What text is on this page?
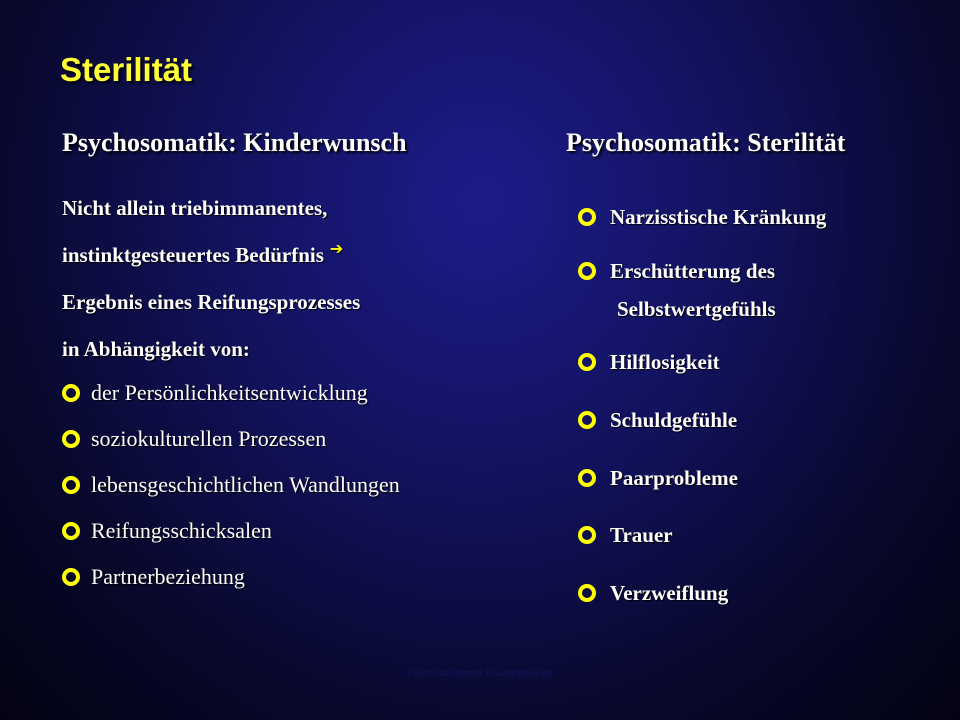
Sterilität
Psychosomatik: Kinderwunsch	Psychosomatik: Sterilität
Nicht allein triebimmanentes,
instinktgesteuertes Bedürfnis ➔
Ergebnis eines Reifungsprozesses
in Abhängigkeit von:
der Persönlichkeitsentwicklung
soziokulturellen Prozessen
lebensgeschichtlichen Wandlungen
Reifungsschicksalen
Partnerbeziehung
Narzisstische Kränkung
Erschütterung des
Selbstwertgefühls
Hilflosigkeit
Schuldgefühle
Paarprobleme
Trauer
Verzweiflung
Psychosomatische Frauenheilkunde
